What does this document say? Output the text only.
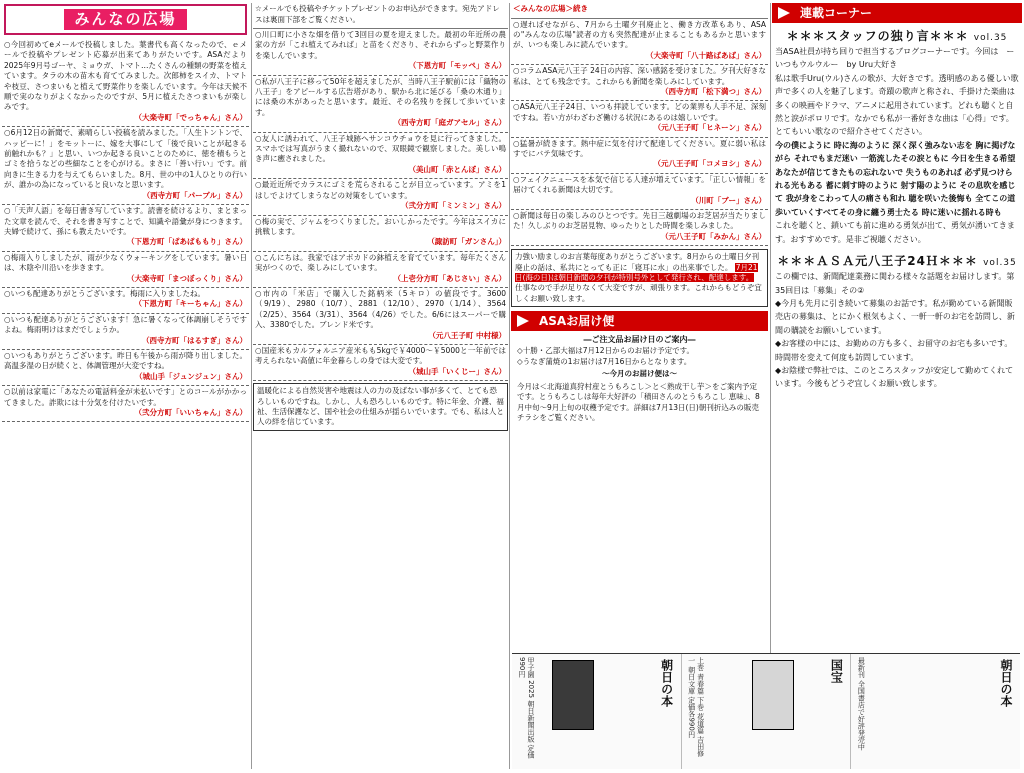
みんなの広場
○今回初めてeメールで投稿しました。葉書代も高くなったので、ｅメールで投稿やプレゼント応募が出来てありがたいです。ASAだより2025年9月号ゴーヤ、ミョウガ、トマト…たくさんの種類の野菜を植えています。タラの木の苗木も育ててみました。次郎柿をスイカ、トマトや枝豆、さつまいもと植えて野菜作りを楽しんでいます。今年は天候不順で実のなりがよくなかったのですが、5月に植えたさつまいもが楽しみです。
（大楽寺町「でっちゃん」さん）
○6月12日の新聞で、素晴らしい投稿を読みました。「人生トントンで、ハッピーに！」をモットーに、嫁を大事にして「後で良いことが起きる前触れかも？」と思い、いつか起きる良いことのために、徳を積もうとゴミを拾うなどの些細なことを心がける。まさに「善い行い」です。前向きに生きる力を与えてもらいました。8月、世の中の1人ひとりの行いが、誰かの為になっていると良いなと思います。
（西寺方町「パープル」さん）
○「天声人語」を毎日書き写しています。読書を続けるより、まとまった文章を読んで、それを書き写すことで、知識や語彙が身につきます。夫婦で続けて、孫にも教えたいです。
（下恩方町「ぱあぱももり」さん）
○梅雨入りしましたが、雨が少なくウォーキングをしています。暑い日は、木陰や川沿いを歩きます。
（大楽寺町「まつぼっくり」さん）
○いつも配達ありがとうございます。梅雨に入りましたね。
（下恩方町「キーちゃん」さん）
○いつも配達ありがとうございます！急に暑くなって体調崩しそうですよね。梅雨明けはまだでしょうか。
（西寺方町「はるすぎ」さん）
○いつもありがとうございます。昨日も午後から雨が降り出しました。高温多湿の日が続くと、体調管理が大変ですね。
（城山手「ジュンジュン」さん）
○以前は家電に「あなたの電話料金が未払いです」とのコールがかかってきました。詐欺には十分気を付けたいです。
（弐分方町「いいちゃん」さん）
☆メールでも投稿やチケットプレゼントのお申込ができます。宛先アドレスは裏面下部をご覧ください。
○川口町に小さな畑を借りて3回目の夏を迎えました。最初の年近所の農家の方が「これ植えてみれば」と苗をくださり、それからずっと野菜作りを楽しんでいます。
（下恩方町「モッペ」さん）
○私が八王子に移って50年を超えましたが、当時八王子駅前には「織物の八王子」をアピールする広告塔があり、駅から北に延びる「桑の木通り」には桑の木があったと思います。最近、その名残りを探して歩いています。
（西寺方町「庭ガアセル」さん）
○友人に誘われて、八王子城跡へサンコウチョウを見に行ってきました。スマホでは写真がうまく撮れないので、双眼鏡で観察しました。美しい鳴き声に癒されました。
（美山町「赤とんぼ」さん）
○最近近所でカラスにゴミを荒らされることが目立っています。アミを1 はしでよけてしまうなどの対策をしています。
（弐分方町「ミンミン」さん）
○梅の実で、ジャムをつくりました。おいしかったです。今年はスイカに挑戦します。
（諏訪町「ガンさん」）
○こんにちは。我家ではアボカドの鉢植えを育てています。毎年たくさん実がつくので、楽しみにしています。
（上壱分方町「あじさい」さん）
○市内の「米店」で購入した銘柄米（5キロ）の値段です。3600（9/19）、2980（10/7）、2881（12/10）、2970（1/14）、3564（2/25）、3564（3/31）、3564（4/26）でした。6/6にはスーパーで購入、3380でした。ブレンド米です。
（元八王子町 中村様）
○国産米もカルフォルニア産米もも5kgで￥4000〜￥5000と一年前では考えられない高値に年金暮らしの身では大変です。
（城山手「いくじー」さん）
温暖化による自然災害や地震は人の力の及ばない事が多くて、とても恐ろしいものですね。しかし、人も恐ろしいものです。特に年金、介護、福祉、生活保護など、国や社会の仕組みが揺らいでいます。でも、私は人と人の絆を信じています。
＜みんなの広場＞続き
○遅ればせながら、7月から土曜夕刊廃止と、働き方改革もあり、ASAの"みんなの広場"読者の方も突然配達が止まることもあるかと思いますが、いつも楽しみに読んでいます。
（大楽寺町「八十路ばあば」さん）
○コラムASA元八王子 24日の内容、深い感銘を受けました。夕刊大好きな私は、とても残念です。これからも新聞を楽しみにしています。
（西寺方町「松下満つ」さん）
○ASA元八王子24日、いつも拝読しています。どの業界も人手不足、深刻ですね。若い方がわざわざ働ける状況にあるのは嬉しいです。
（元八王子町「ヒネーン」さん）
○猛暑が続きます。熱中症に気を付けて配達してください。夏に弱い私はすでにバテ気味です。
（元八王子町「コメヨシ」さん）
○フェイクニュースを本気で信じる人達が増えています。「正しい情報」を届けてくれる新聞は大切です。
（川町「ブー」さん）
○新聞は毎日の楽しみのひとつです。先日三越劇場のお芝居が当たりました！久しぶりのお芝居見物、ゆったりとした時間を楽しみました。
（元八王子町「みかん」さん）
力強い励ましのお言葉毎度ありがとうございます。8月からの土曜日夕刊廃止の話は、私共にとっても正に「寝耳に水」の出来事でした。 7月21日(海の日)は朝日新聞の夕刊が特別号外として発行され、配達します。 仕事なので手が足りなくて大変ですが、頑張ります。これからもどうぞ宜しくお願い致します。
ASAお届け便
―ご注文品お届け日のご案内―
◇十勝・乙部大福は7月12日からのお届け予定です。
◇うなぎ蒲焼の1お届けは7月16日からとなります。
～今月のお届け便は～
今月は＜北海道真狩村産とうもろこし＞と＜熟成干し芋＞をご案内予定です。とうもろこしは毎年大好評の「積田さんのとうもろこし 恵味」、8月中旬〜9月上旬の収穫予定です。詳細は7月13日(日)朝刊折込みの販売チラシをご覧ください。
連載コーナー
＊＊＊スタッフの独り言＊＊＊ vol.35
当ASA社員が持ち回りで担当するブログコーナーです。今回は　ーいつもウルウルー　by Uru大好き
私は歌手Uru(ウル)さんの歌が、大好きです。透明感のある優しい歌声で多くの人を魅了します。奇蹟の歌声と称され、手掛けた楽曲は多くの映画やドラマ、アニメに起用されています。どれも聴くと自然と涙がポロリです。なかでも私が一番好きな曲は「心得」です。とてもいい歌なので紹介させてください。
今の僕にように 時に海のように 深く深く強みない志を 胸に掲げながら それでもまだ迷い 一筋流したその涙ともに 今日を生きる希望 あなたが信じてきたもの忘れないで 失うものあれば 必ず見つけられる光もある 蓄に刺す時のように 射す陽のように その息吹を感じて 我が身をこわって人の痛さも和れ 聴を咲いた後悔も 全てこの道歩いていくすべてその身に纏う勇士たる 時に迷いに揺れる時も
これを聴くと、鎖いても前に進める勇気が出て、勇気が湧いてきます。おすすめです。是非ご視聴ください。
＊＊＊ＡＳＡ元八王子24Ｈ＊＊＊ vol.35
この欄では、新聞配達業務に関わる様々な話題をお届けします。第35回目は「募集」その②
◆今月も先月に引き続いて募集のお話です。私が勤めている新聞販売店の募集は、とにかく根気もよく、一軒一軒のお宅を訪問し、新聞の購読をお願いしています。
◆お客様の中には、お勤めの方も多く、お留守のお宅も多いです。時間帯を変えて何度も訪問しています。
◆お陰様で弊社では、このところスタッフが安定して勤めてくれています。今後もどうぞ宜しくお願い致します。
朝日の本
甲子園 2025 朝日新聞出版 定価990円	国宝
上巻 青春篇 下巻 花道篇 吉田修一 朝日文庫 定価各990円	朝日の本
最新刊 全国書店で好評発売中
